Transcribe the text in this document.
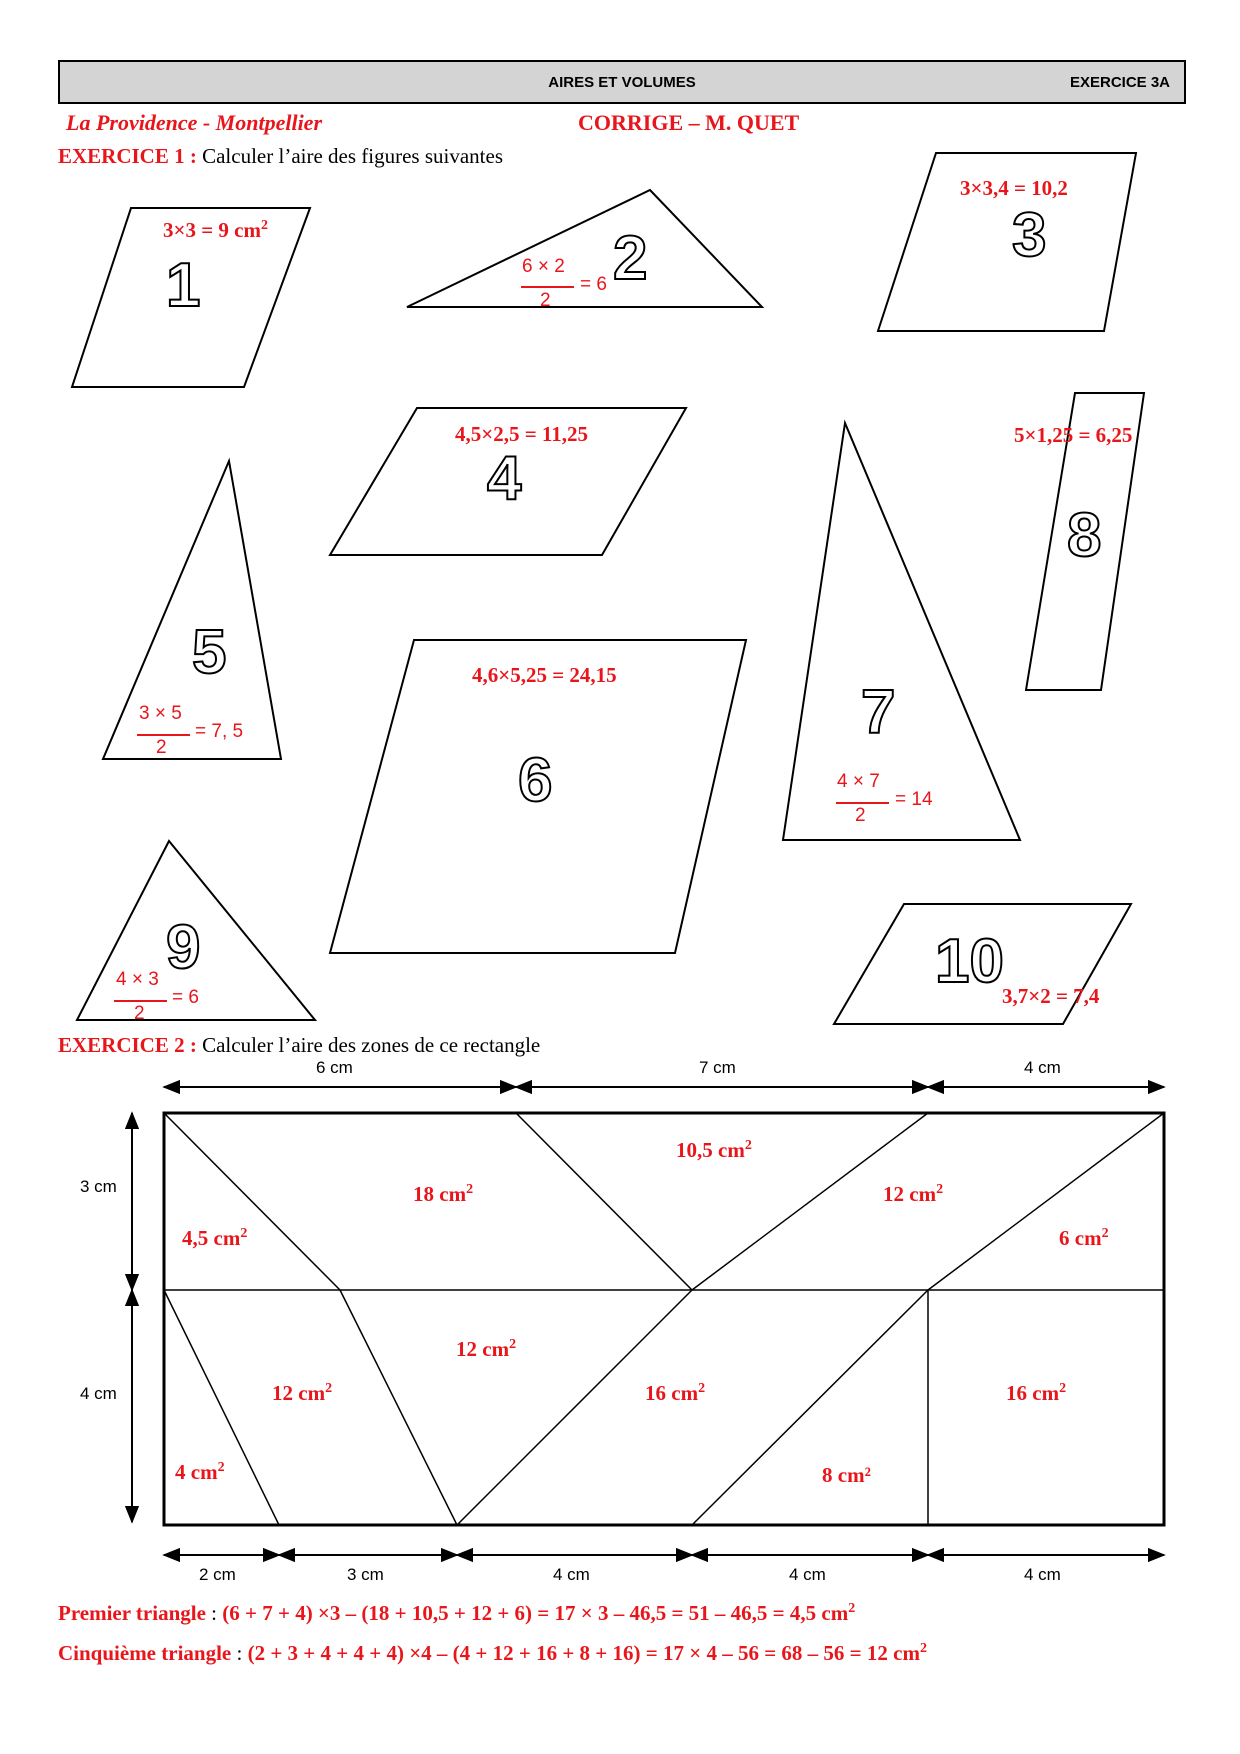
AIRES ET VOLUMES	EXERCICE 3A
La Providence - Montpellier	CORRIGE – M. QUET
EXERCICE 1 : Calculer l’aire des figures suivantes
1	2	3
4
5
6
7
8
9	10
3×3 = 9 $cm^2$
3×3,4 = 10,2
4,5×2,5 = 11,25
4,6×5,25 = 24,15
5×1,25 = 6,25
3,7×2 = 7,4
6 × 2
2
= 6
3 × 5
2
= 7, 5
4 × 7
2
= 14
4 × 3
2
= 6
EXERCICE 2 : Calculer l’aire des zones de ce rectangle
6 cm	7 cm	4 cm
3 cm
4 cm
2 cm	3 cm	4 cm	4 cm	4 cm
4,5 $cm^2$
18 $cm^2$
10,5 $cm^2$
12 $cm^2$
6 $cm^2$
4 $cm^2$
12 $cm^2$
12 $cm^2$
16 $cm^2$
8 cm²
16 $cm^2$
Premier triangle : (6 + 7 + 4) ×3 – (18 + 10,5 + 12 + 6) = 17 × 3 – 46,5 = 51 – 46,5 = 4,5 $cm^2$
Cinquième triangle : (2 + 3 + 4 + 4 + 4) ×4 – (4 + 12 + 16 + 8 + 16) = 17 × 4 – 56 = 68 – 56 = 12 $cm^2$
